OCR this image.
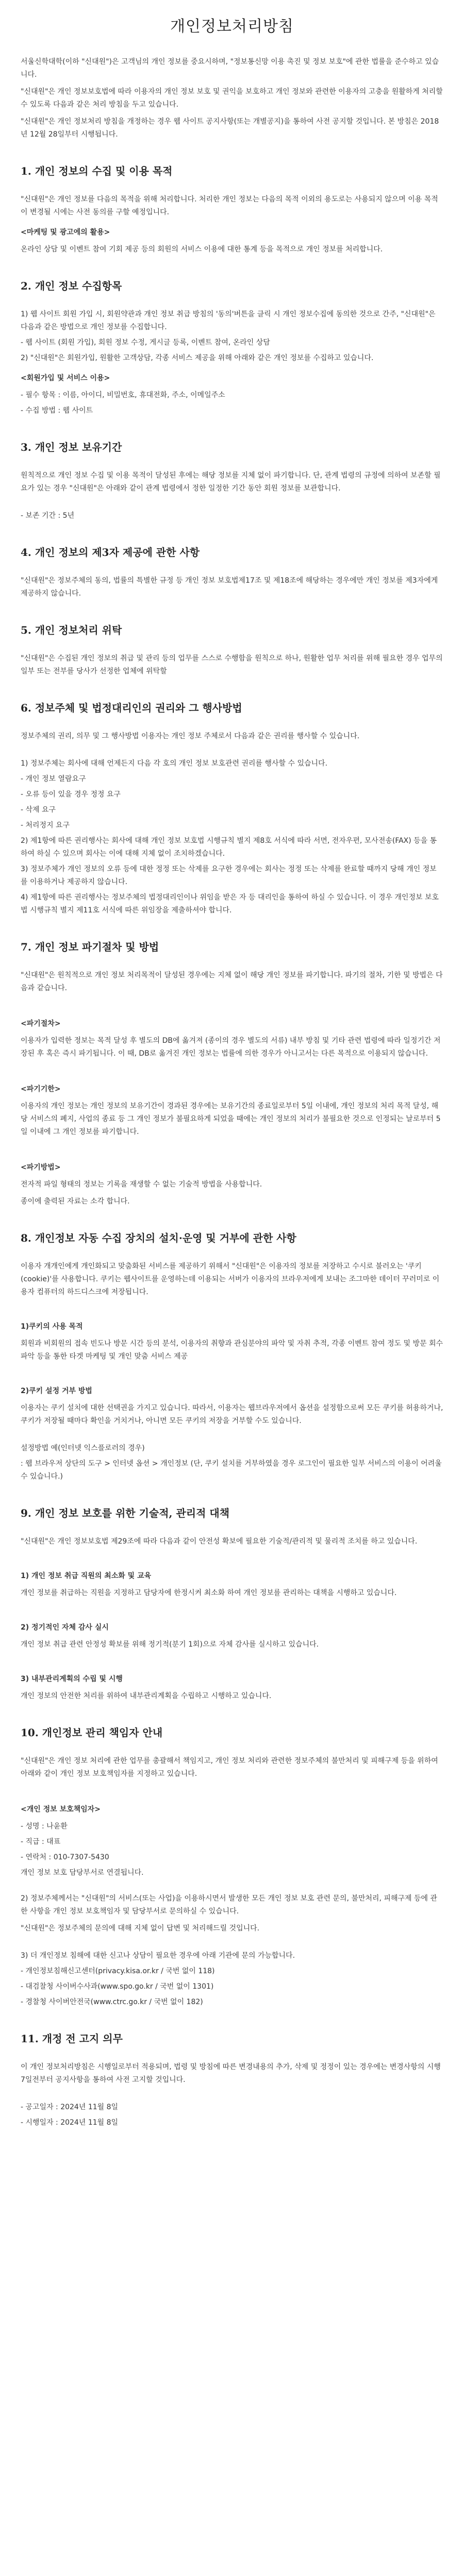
개인정보처리방침

서울신학대학(이하 "신대원")은 고객님의 개인 정보를 중요시하며, "정보통신망 이용 촉진 및 정보 보호"에 관한 법률을 준수하고 있습니다.

"신대원"은 개인 정보보호법에 따라 이용자의 개인 정보 보호 및 권익을 보호하고 개인 정보와 관련한 이용자의 고충을 원활하게 처리할 수 있도록 다음과 같은 처리 방침을 두고 있습니다.

"신대원"은 개인 정보처리 방침을 개정하는 경우 웹 사이트 공지사항(또는 개별공지)을 통하여 사전 공지할 것입니다. 본 방침은 2018년 12월 28일부터 시행됩니다.

1. 개인 정보의 수집 및 이용 목적

"신대원"은 개인 정보를 다음의 목적을 위해 처리합니다. 처리한 개인 정보는 다음의 목적 이외의 용도로는 사용되지 않으며 이용 목적이 변경될 시에는 사전 동의를 구할 예정입니다.

<마케팅 및 광고에의 활용>

온라인 상담 및 이벤트 참여 기회 제공 등의 회원의 서비스 이용에 대한 통계 등을 목적으로 개인 정보를 처리합니다.

2. 개인 정보 수집항목
1) 웹 사이트 회원 가입 시, 회원약관과 개인 정보 취급 방침의 '동의'버튼을 클릭 시 개인 정보수집에 동의한 것으로 간주, "신대원"은 다음과 같은 방법으로 개인 정보를 수집합니다.
- 웹 사이트 (회원 가입), 회원 정보 수정, 게시글 등록, 이벤트 참여, 온라인 상담
2) "신대원"은 회원가입, 원활한 고객상담, 각종 서비스 제공을 위해 아래와 같은 개인 정보를 수집하고 있습니다.

<회원가입 및 서비스 이용>

- 필수 항목 : 이름, 아이디, 비밀번호, 휴대전화, 주소, 이메일주소
- 수집 방법 : 웹 사이트
3. 개인 정보 보유기간

원칙적으로 개인 정보 수집 및 이용 목적이 달성된 후에는 해당 정보를 지체 없이 파기합니다. 단, 관계 법령의 규정에 의하여 보존할 필요가 있는 경우 "신대원"은 아래와 같이 관계 법령에서 정한 일정한 기간 동안 회원 정보를 보관합니다.

- 보존 기간 : 5년

4. 개인 정보의 제3자 제공에 관한 사항

"신대원"은 정보주체의 동의, 법률의 특별한 규정 등 개인 정보 보호법제17조 및 제18조에 해당하는 경우에만 개인 정보를 제3자에게 제공하지 않습니다.

5. 개인 정보처리 위탁

"신대원"은 수집된 개인 정보의 취급 및 관리 등의 업무를 스스로 수행함을 원칙으로 하나, 원활한 업무 처리를 위해 필요한 경우 업무의 일부 또는 전부를 당사가 선정한 업체에 위탁할

6. 정보주체 및 법정대리인의 권리와 그 행사방법

정보주체의 권리, 의무 및 그 행사방법 이용자는 개인 정보 주체로서 다음과 같은 권리를 행사할 수 있습니다.

1) 정보주체는 회사에 대해 언제든지 다음 각 호의 개인 정보 보호관련 권리를 행사할 수 있습니다.
- 개인 정보 열람요구
- 오류 등이 있을 경우 정정 요구
- 삭제 요구
- 처리정지 요구
2) 제1항에 따른 권리행사는 회사에 대해 개인 정보 보호법 시행규칙 별지 제8호 서식에 따라 서면, 전자우편, 모사전송(FAX) 등을 통하여 하실 수 있으며 회사는 이에 대해 지체 없이 조치하겠습니다.
3) 정보주체가 개인 정보의 오류 등에 대한 정정 또는 삭제를 요구한 경우에는 회사는 정정 또는 삭제를 완료할 때까지 당해 개인 정보를 이용하거나 제공하지 않습니다.
4) 제1항에 따른 권리행사는 정보주체의 법정대리인이나 위임을 받은 자 등 대리인을 통하여 하실 수 있습니다. 이 경우 개인정보 보호법 시행규칙 별지 제11호 서식에 따른 위임장을 제출하셔야 합니다.
7. 개인 정보 파기절차 및 방법

"신대원"은 원칙적으로 개인 정보 처리목적이 달성된 경우에는 지체 없이 해당 개인 정보를 파기합니다. 파기의 절차, 기한 및 방법은 다음과 같습니다.

<파기절차>

이용자가 입력한 정보는 목적 달성 후 별도의 DB에 옮겨져 (종이의 경우 별도의 서류) 내부 방침 및 기타 관련 법령에 따라 일정기간 저장된 후 혹은 즉시 파기됩니다. 이 때, DB로 옮겨진 개인 정보는 법률에 의한 경우가 아니고서는 다른 목적으로 이용되지 않습니다.

<파기기한>

이용자의 개인 정보는 개인 정보의 보유기간이 경과된 경우에는 보유기간의 종료일로부터 5일 이내에, 개인 정보의 처리 목적 달성, 해당 서비스의 폐지, 사업의 종료 등 그 개인 정보가 불필요하게 되었을 때에는 개인 정보의 처리가 불필요한 것으로 인정되는 날로부터 5일 이내에 그 개인 정보를 파기합니다.

<파기방법>

전자적 파일 형태의 정보는 기록을 재생할 수 없는 기술적 방법을 사용합니다.

종이에 출력된 자료는 소각 합니다.

8. 개인정보 자동 수집 장치의 설치·운영 및 거부에 관한 사항

이용자 개개인에게 개인화되고 맞춤화된 서비스를 제공하기 위해서 "신대원"은 이용자의 정보를 저장하고 수시로 불러오는 '쿠키(cookie)'를 사용합니다. 쿠키는 웹사이트를 운영하는데 이용되는 서버가 이용자의 브라우저에게 보내는 조그마한 데이터 꾸러미로 이용자 컴퓨터의 하드디스크에 저장됩니다.

1)쿠키의 사용 목적

회원과 비회원의 접속 빈도나 방문 시간 등의 분석, 이용자의 취향과 관심분야의 파악 및 자취 추적, 각종 이벤트 참여 정도 및 방문 회수 파악 등을 통한 타겟 마케팅 및 개인 맞춤 서비스 제공

2)쿠키 설정 거부 방법

이용자는 쿠키 설치에 대한 선택권을 가지고 있습니다. 따라서, 이용자는 웹브라우저에서 옵션을 설정함으로써 모든 쿠키를 허용하거나, 쿠키가 저장될 때마다 확인을 거치거나, 아니면 모든 쿠키의 저장을 거부할 수도 있습니다.

설정방법 예(인터넷 익스플로러의 경우)
: 웹 브라우저 상단의 도구 > 인터넷 옵션 > 개인정보 (단, 쿠키 설치를 거부하였을 경우 로그인이 필요한 일부 서비스의 이용이 어려울 수 있습니다.)
9. 개인 정보 보호를 위한 기술적, 관리적 대책

"신대원"은 개인 정보보호법 제29조에 따라 다음과 같이 안전성 확보에 필요한 기술적/관리적 및 물리적 조치를 하고 있습니다.

1) 개인 정보 취급 직원의 최소화 및 교육

개인 정보를 취급하는 직원을 지정하고 담당자에 한정시켜 최소화 하여 개인 정보를 관리하는 대책을 시행하고 있습니다.

2) 정기적인 자체 감사 실시

개인 정보 취급 관련 안정성 확보를 위해 정기적(분기 1회)으로 자체 감사를 실시하고 있습니다.

3) 내부관리계획의 수립 및 시행

개인 정보의 안전한 처리를 위하여 내부관리계획을 수립하고 시행하고 있습니다.

10. 개인정보 관리 책임자 안내

"신대원"은 개인 정보 처리에 관한 업무를 총괄해서 책임지고, 개인 정보 처리와 관련한 정보주체의 불만처리 및 피해구제 등을 위하여 아래와 같이 개인 정보 보호책임자를 지정하고 있습니다.

<개인 정보 보호책임자>

- 성명 : 나윤환
- 직급 : 대표
- 연락처 : 010-7307-5430
개인 정보 보호 담당부서로 연결됩니다.

2) 정보주체께서는 "신대원"의 서비스(또는 사업)을 이용하시면서 발생한 모든 개인 정보 보호 관련 문의, 불만처리, 피해구제 등에 관한 사항을 개인 정보 보호책임자 및 담당부서로 문의하실 수 있습니다.

"신대원"은 정보주체의 문의에 대해 지체 없이 답변 및 처리해드릴 것입니다.

3) 더 개인정보 침해에 대한 신고나 상담이 필요한 경우에 아래 기관에 문의 가능합니다.
- 개인정보침해신고센터(privacy.kisa.or.kr / 국번 없이 118)
- 대검찰청 사이버수사과(www.spo.go.kr / 국번 없이 1301)
- 경찰청 사이버안전국(www.ctrc.go.kr / 국번 없이 182)
11. 개정 전 고지 의무

이 개인 정보처리방침은 시행일로부터 적용되며, 법령 및 방침에 따른 변경내용의 추가, 삭제 및 정정이 있는 경우에는 변경사항의 시행 7일전부터 공지사항을 통하여 사전 고지할 것입니다.

- 공고일자 : 2024년 11월 8일
- 시행일자 : 2024년 11월 8일
